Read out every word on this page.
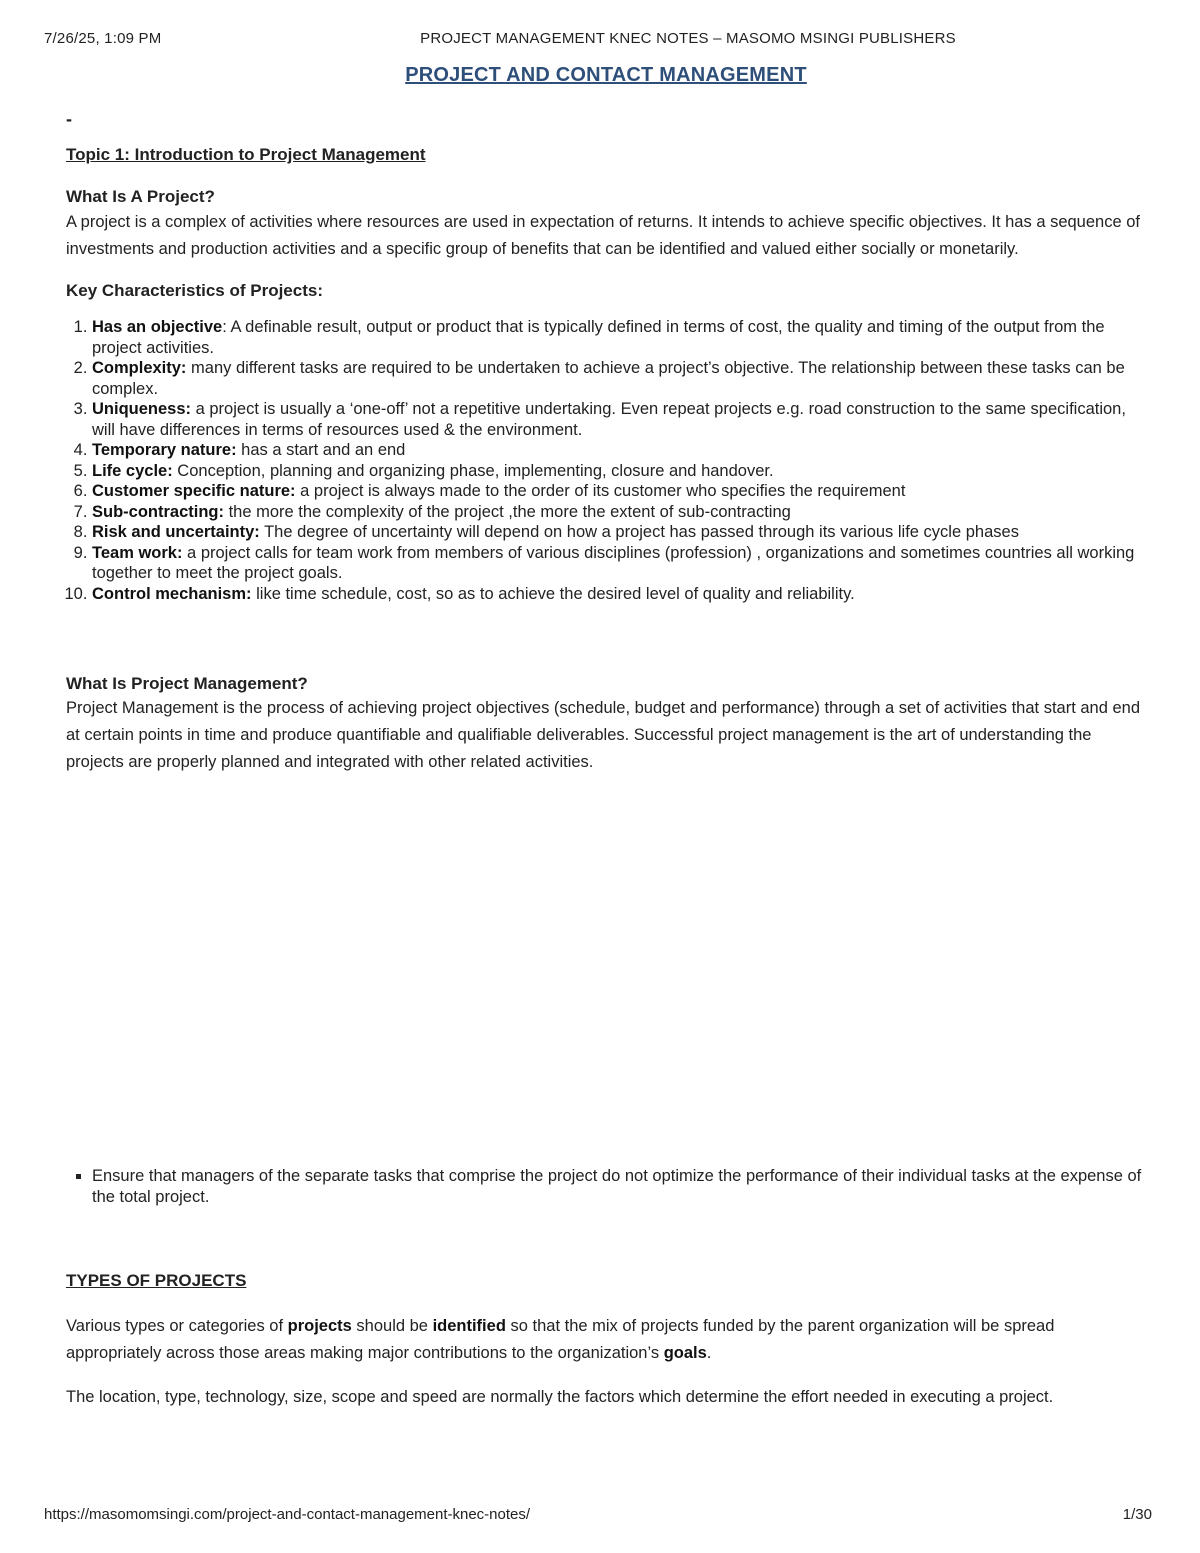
7/26/25, 1:09 PM	PROJECT MANAGEMENT KNEC NOTES – MASOMO MSINGI PUBLISHERS
PROJECT AND CONTACT MANAGEMENT
-
Topic 1: Introduction to Project Management
What Is A Project?
A project is a complex of activities where resources are used in expectation of returns. It intends to achieve specific objectives. It has a sequence of investments and production activities and a specific group of benefits that can be identified and valued either socially or monetarily.
Key Characteristics of Projects:
1. Has an objective: A definable result, output or product that is typically defined in terms of cost, the quality and timing of the output from the project activities.
2. Complexity: many different tasks are required to be undertaken to achieve a project’s objective. The relationship between these tasks can be complex.
3. Uniqueness: a project is usually a ‘one-off’ not a repetitive undertaking. Even repeat projects e.g. road construction to the same specification, will have differences in terms of resources used & the environment.
4. Temporary nature: has a start and an end
5. Life cycle: Conception, planning and organizing phase, implementing, closure and handover.
6. Customer specific nature: a project is always made to the order of its customer who specifies the requirement
7. Sub-contracting: the more the complexity of the project ,the more the extent of sub-contracting
8. Risk and uncertainty: The degree of uncertainty will depend on how a project has passed through its various life cycle phases
9. Team work: a project calls for team work from members of various disciplines (profession) , organizations and sometimes countries all working together to meet the project goals.
10. Control mechanism: like time schedule, cost, so as to achieve the desired level of quality and reliability.
What Is Project Management?
Project Management is the process of achieving project objectives (schedule, budget and performance) through a set of activities that start and end at certain points in time and produce quantifiable and qualifiable deliverables. Successful project management is the art of understanding the projects are properly planned and integrated with other related activities.
▪ Ensure that managers of the separate tasks that comprise the project do not optimize the performance of their individual tasks at the expense of the total project.
TYPES OF PROJECTS
Various types or categories of projects should be identified so that the mix of projects funded by the parent organization will be spread appropriately across those areas making major contributions to the organization’s goals.
The location, type, technology, size, scope and speed are normally the factors which determine the effort needed in executing a project.
https://masomomsingi.com/project-and-contact-management-knec-notes/	1/30
